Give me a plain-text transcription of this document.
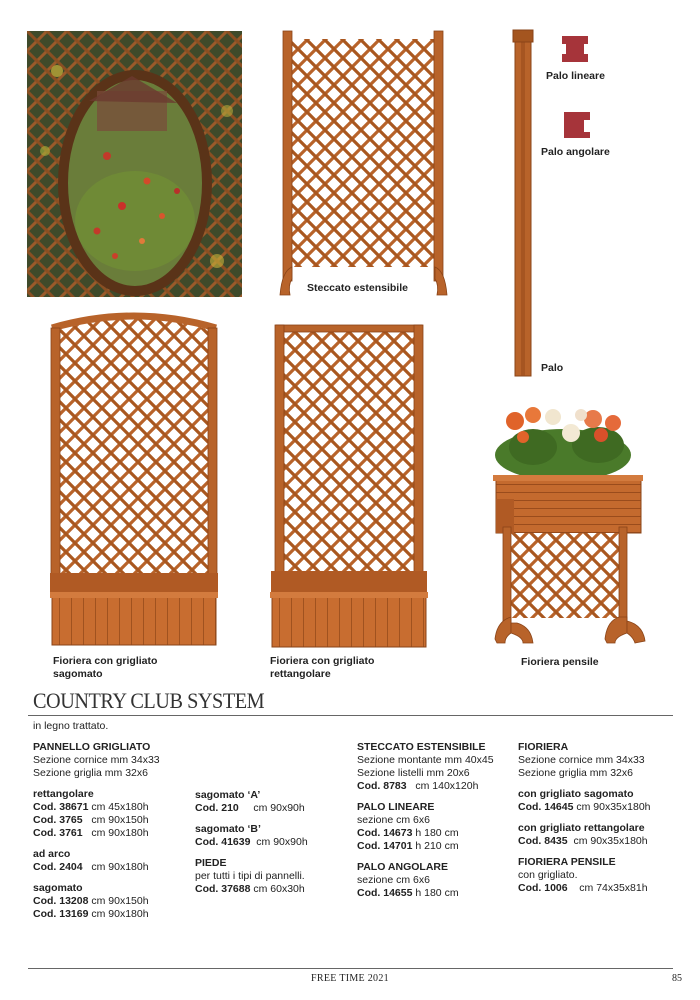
Steccato estensibile
Palo
Palo lineare
Palo angolare
Fioriera con grigliato sagomato
Fioriera con grigliato rettangolare
Fioriera pensile
COUNTRY CLUB SYSTEM
in legno trattato.
PANNELLO GRIGLIATO
Sezione cornice mm 34x33
Sezione griglia mm 32x6
rettangolare
Cod. 38671 cm 45x180h
Cod. 3765 cm 90x150h
Cod. 3761 cm 90x180h
ad arco
Cod. 2404 cm 90x180h
sagomato
Cod. 13208 cm 90x150h
Cod. 13169 cm 90x180h
sagomato ‘A’
Cod. 210 cm 90x90h
sagomato ‘B’
Cod. 41639 cm 90x90h
PIEDE
per tutti i tipi di pannelli.
Cod. 37688 cm 60x30h
STECCATO ESTENSIBILE
Sezione montante mm 40x45
Sezione listelli mm 20x6
Cod. 8783 cm 140x120h
PALO LINEARE
sezione cm 6x6
Cod. 14673 h 180 cm
Cod. 14701 h 210 cm
PALO ANGOLARE
sezione cm 6x6
Cod. 14655 h 180 cm
FIORIERA
Sezione cornice mm 34x33
Sezione griglia mm 32x6
con grigliato sagomato
Cod. 14645 cm 90x35x180h
con grigliato rettangolare
Cod. 8435 cm 90x35x180h
FIORIERA PENSILE
con grigliato.
Cod. 1006 cm 74x35x81h
FREE TIME 2021	85
